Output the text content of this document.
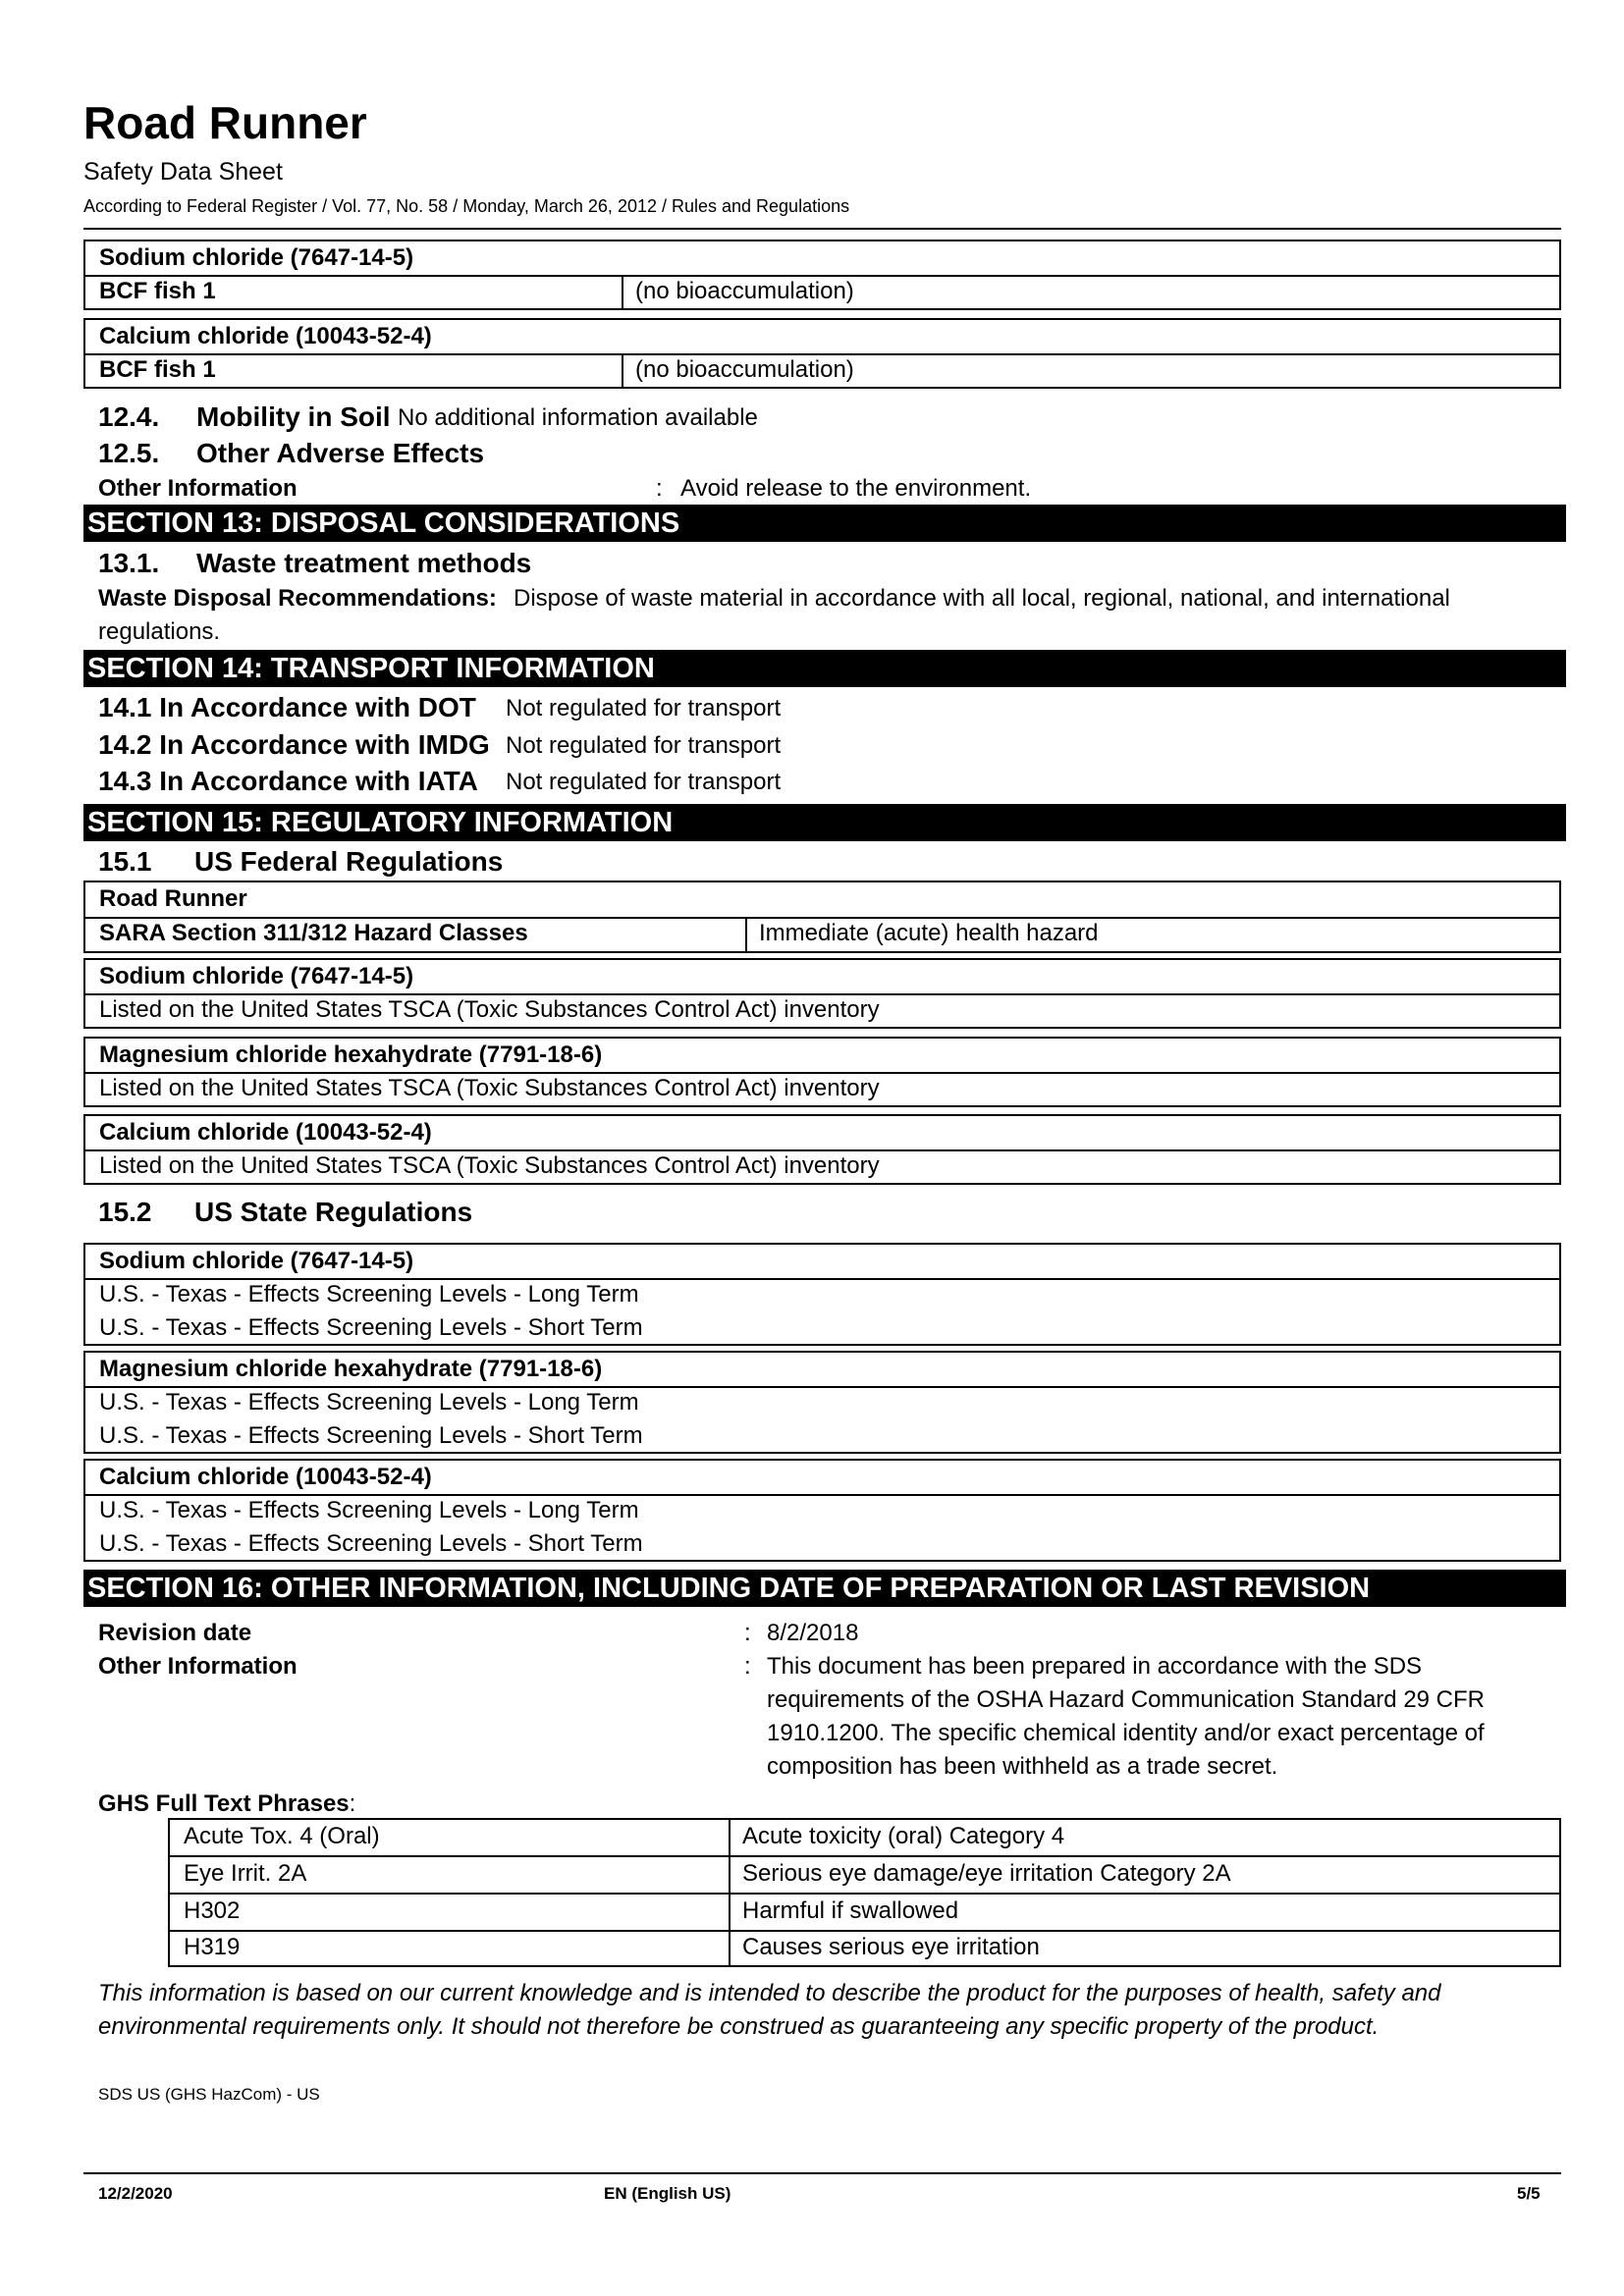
Road Runner
Safety Data Sheet
According to Federal Register / Vol. 77, No. 58 / Monday, March 26, 2012 / Rules and Regulations
Sodium chloride (7647-14-5)
BCF fish 1	(no bioaccumulation)
Calcium chloride (10043-52-4)
BCF fish 1	(no bioaccumulation)
12.4. Mobility in Soil No additional information available
12.5. Other Adverse Effects
Other Information	: Avoid release to the environment.
SECTION 13: DISPOSAL CONSIDERATIONS
13.1. Waste treatment methods
Waste Disposal Recommendations: Dispose of waste material in accordance with all local, regional, national, and international
regulations.
SECTION 14: TRANSPORT INFORMATION
14.1 In Accordance with DOT Not regulated for transport
14.2 In Accordance with IMDG Not regulated for transport
14.3 In Accordance with IATA Not regulated for transport
SECTION 15: REGULATORY INFORMATION
15.1 US Federal Regulations
Road Runner
SARA Section 311/312 Hazard Classes	Immediate (acute) health hazard
Sodium chloride (7647-14-5)
Listed on the United States TSCA (Toxic Substances Control Act) inventory
Magnesium chloride hexahydrate (7791-18-6)
Listed on the United States TSCA (Toxic Substances Control Act) inventory
Calcium chloride (10043-52-4)
Listed on the United States TSCA (Toxic Substances Control Act) inventory
15.2 US State Regulations
Sodium chloride (7647-14-5)
U.S. - Texas - Effects Screening Levels - Long Term
U.S. - Texas - Effects Screening Levels - Short Term
Magnesium chloride hexahydrate (7791-18-6)
U.S. - Texas - Effects Screening Levels - Long Term
U.S. - Texas - Effects Screening Levels - Short Term
Calcium chloride (10043-52-4)
U.S. - Texas - Effects Screening Levels - Long Term
U.S. - Texas - Effects Screening Levels - Short Term
SECTION 16: OTHER INFORMATION, INCLUDING DATE OF PREPARATION OR LAST REVISION
Revision date	: 8/2/2018
Other Information	: This document has been prepared in accordance with the SDS
requirements of the OSHA Hazard Communication Standard 29 CFR
1910.1200. The specific chemical identity and/or exact percentage of
composition has been withheld as a trade secret.
GHS Full Text Phrases:
Acute Tox. 4 (Oral)	Acute toxicity (oral) Category 4
Eye Irrit. 2A	Serious eye damage/eye irritation Category 2A
H302	Harmful if swallowed
H319	Causes serious eye irritation
This information is based on our current knowledge and is intended to describe the product for the purposes of health, safety and
environmental requirements only. It should not therefore be construed as guaranteeing any specific property of the product.
SDS US (GHS HazCom) - US
12/2/2020	EN (English US)	5/5
